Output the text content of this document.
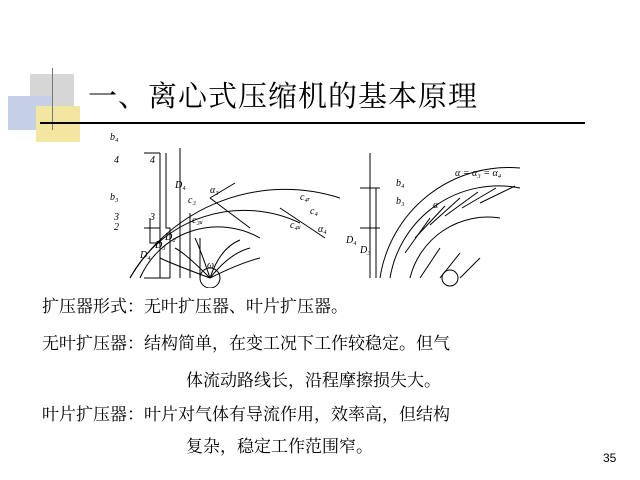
一、离心式压缩机的基本原理
b₄
4	4
b₃
3
2
3
D₄
D₃
D₂
D₄ α₃
c₃
c₃ᵤ
c₄ᵣ
c₄
c₄ᵤ α₄
ω
α = α₃ = α₄
b₄
b₃	α
D₄
D₃
扩压器形式：无叶扩压器、叶片扩压器。
无叶扩压器：结构简单，在变工况下工作较稳定。但气
体流动路线长，沿程摩擦损失大。
叶片扩压器：叶片对气体有导流作用，效率高，但结构
复杂，稳定工作范围窄。
35
